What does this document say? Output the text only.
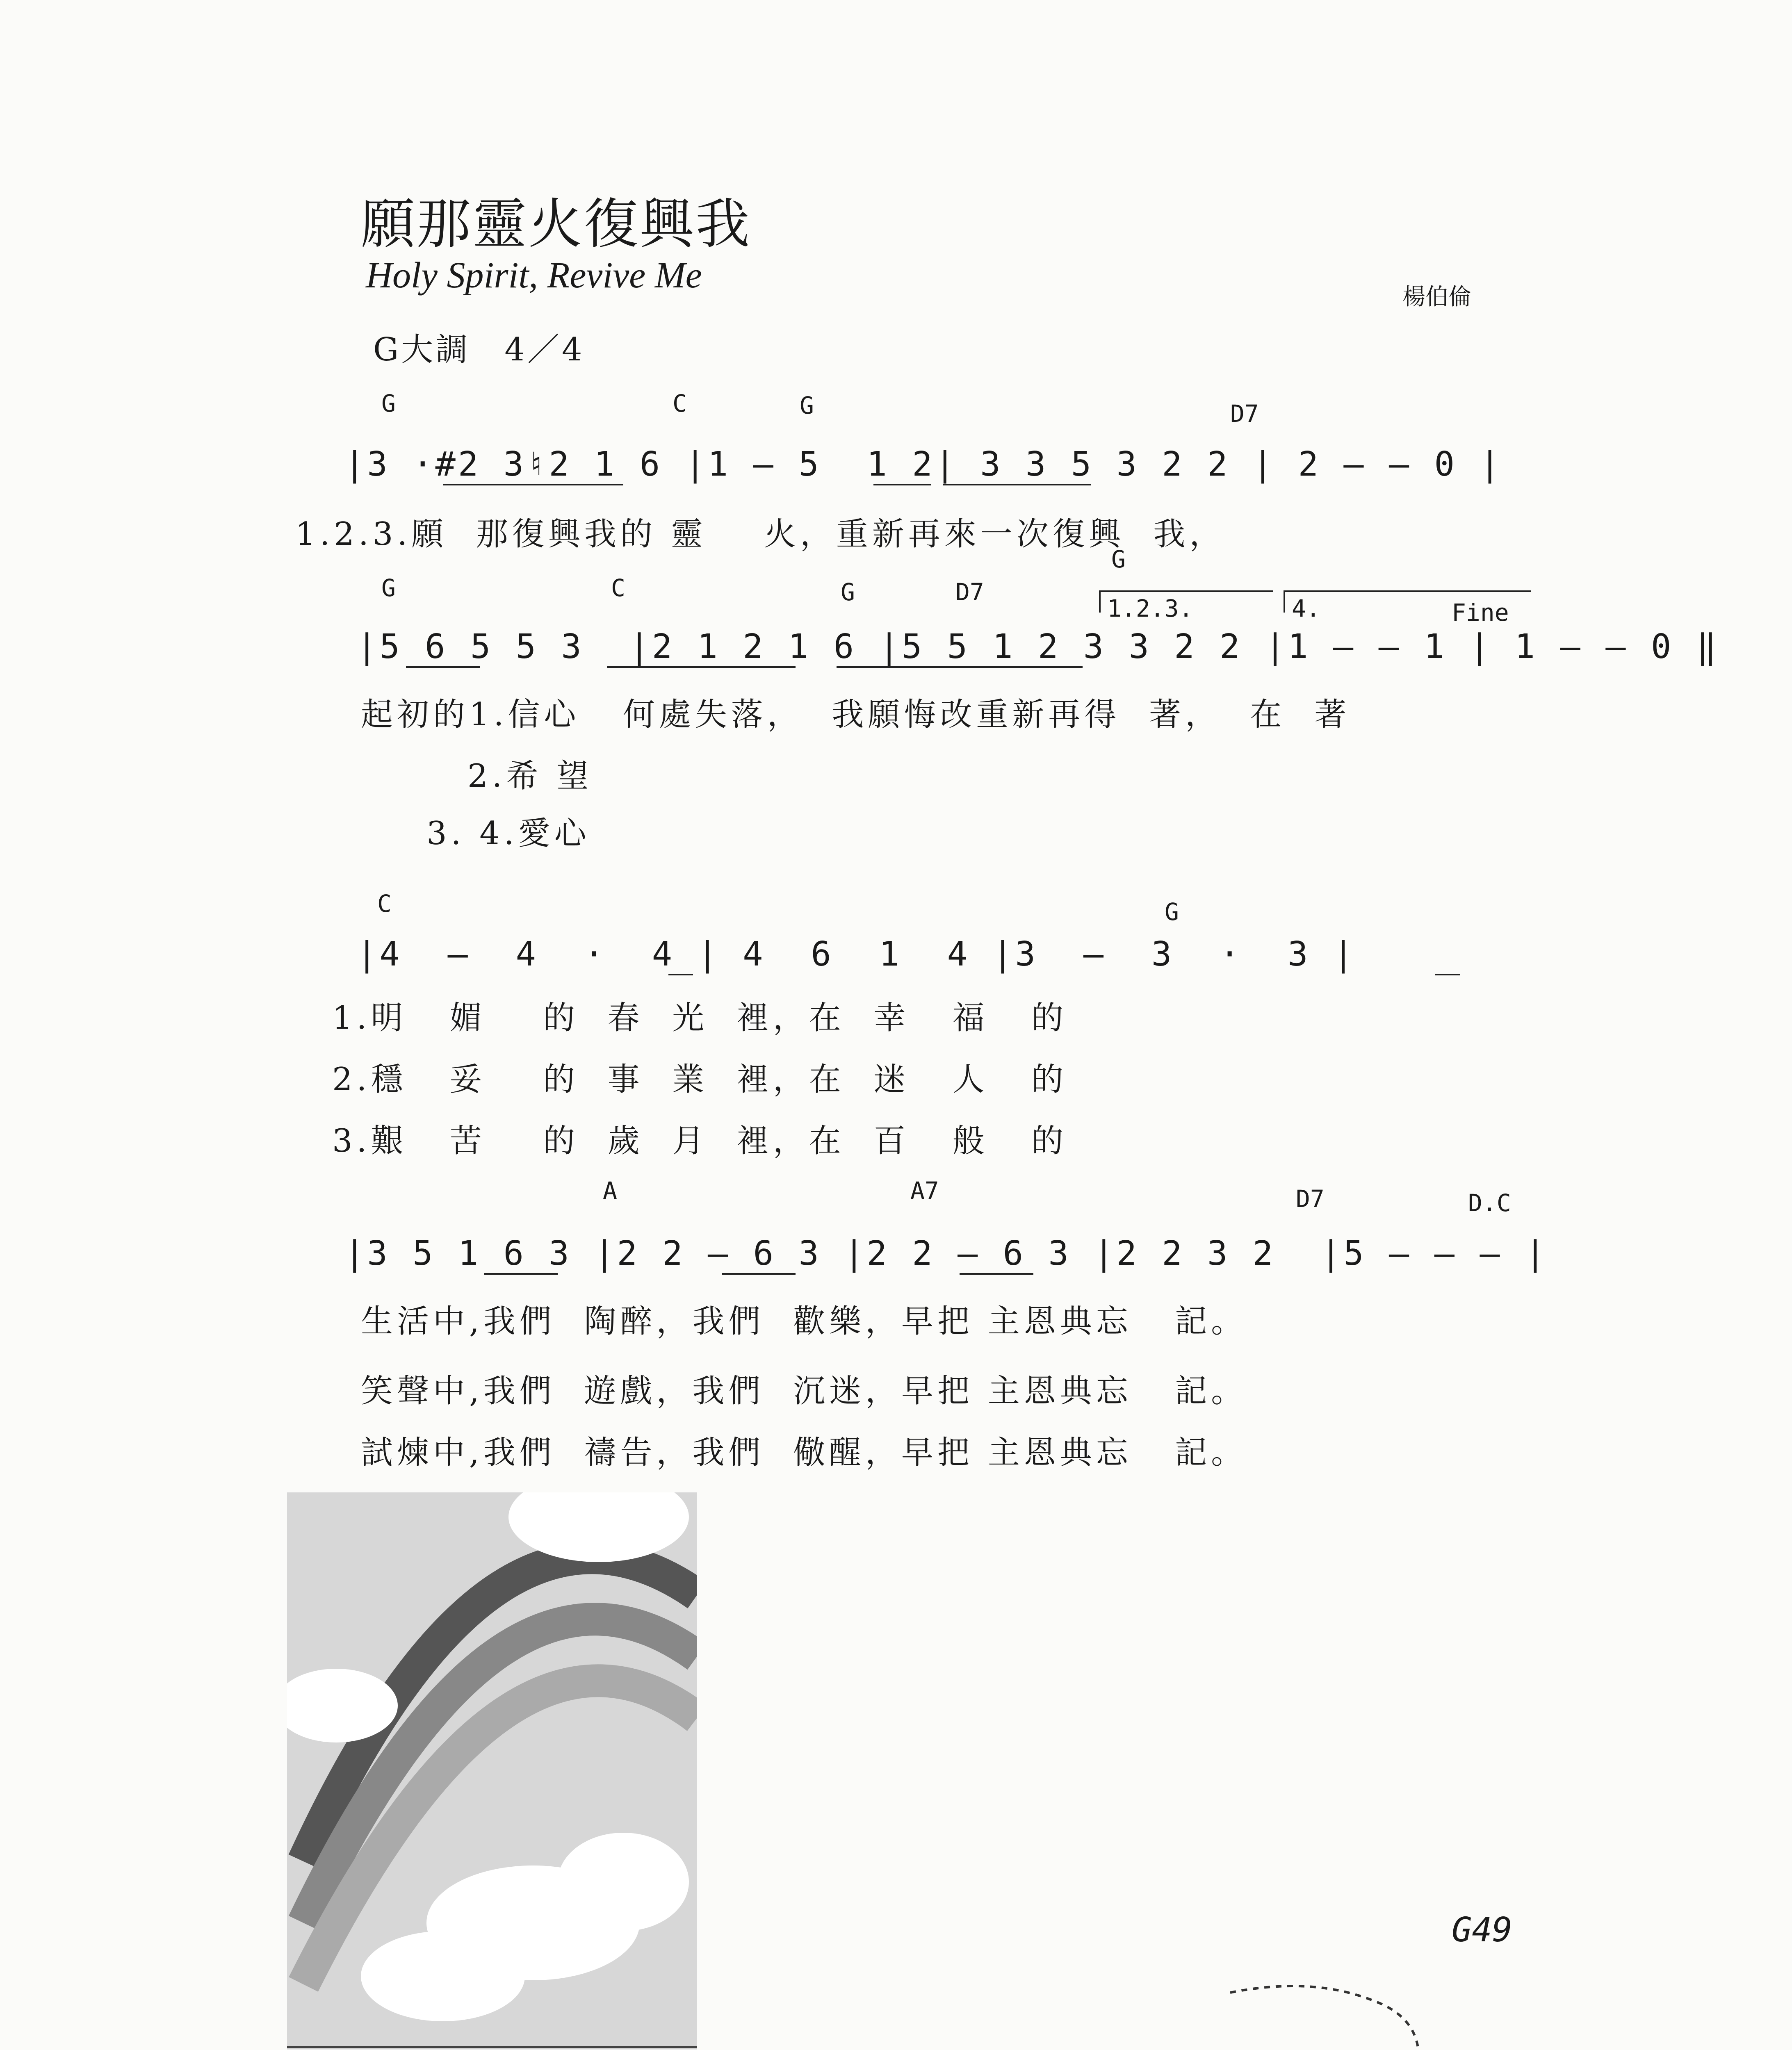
願那靈火復興我
Holy Spirit, Revive Me
楊伯倫
G大調　4／4
G	C	G	D7
|3 ·#2 3♮2 1 6 |1 — 5  1 2| 3 3 5 3 2 2 | 2 — — 0 |
1.2.3.願  那復興我的 靈    火，重新再來一次復興  我，
G	C	G	D7
G
1.2.3.	4.	Fine
|5 6 5 5 3  |2 1 2 1 6 |5 5 1 2 3 3 2 2 |1 — — 1 | 1 — — 0 ‖
起初的1.信心   何處失落，  我願悔改重新再得  著，  在  著
2.希 望
3. 4.愛心
C	G
|4  —  4  ·  4 | 4  6  1  4 |3  —  3  ·  3 |
1.明   媚    的  春  光  裡，在  幸   福   的
2.穩   妥    的  事  業  裡，在  迷   人   的
3.艱   苦    的  歲  月  裡，在  百   般   的
A	A7	D7	D.C
|3 5 1 6 3 |2 2 — 6 3 |2 2 — 6 3 |2 2 3 2  |5 — — — |
生活中,我們  陶醉，我們  歡樂，早把 主恩典忘   記。
笑聲中,我們  遊戲，我們  沉迷，早把 主恩典忘   記。
試煉中,我們  禱告，我們  儆醒，早把 主恩典忘   記。
G49
